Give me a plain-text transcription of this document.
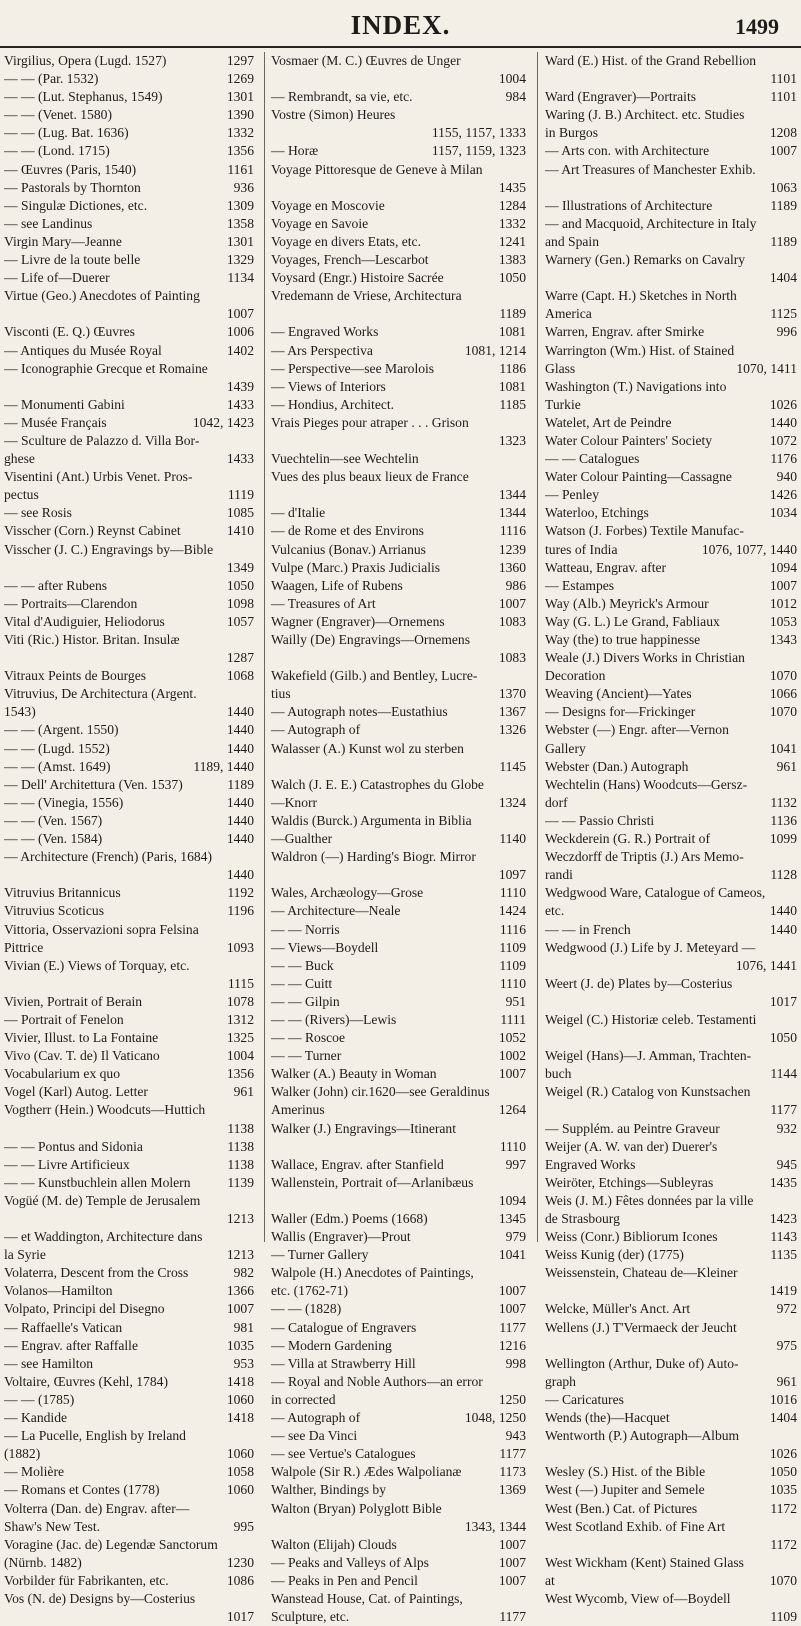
INDEX.	1499
1297
Virgilius, Opera (Lugd. 1527)
1269
— — (Par. 1532)
1301
— — (Lut. Stephanus, 1549)
1390
— — (Venet. 1580)
1332
— — (Lug. Bat. 1636)
1356
— — (Lond. 1715)
1161
— Œuvres (Paris, 1540)
936
— Pastorals by Thornton
1309
— Singulæ Dictiones, etc.
1358
— see Landinus
1301
Virgin Mary—Jeanne
1329
— Livre de la toute belle
1134
— Life of—Duerer
Virtue (Geo.) Anecdotes of Painting
1007
1006
Visconti (E. Q.) Œuvres
1402
— Antiques du Musée Royal
— Iconographie Grecque et Romaine
1439
1433
— Monumenti Gabini
1042, 1423
— Musée Français
— Sculture de Palazzo d. Villa Bor-
1433
ghese
Visentini (Ant.) Urbis Venet. Pros-
1119
pectus
1085
— see Rosis
1410
Visscher (Corn.) Reynst Cabinet
Visscher (J. C.) Engravings by—Bible
1349
1050
— — after Rubens
1098
— Portraits—Clarendon
1057
Vital d'Audiguier, Heliodorus
Viti (Ric.) Histor. Britan. Insulæ
1287
1068
Vitraux Peints de Bourges
Vitruvius, De Architectura (Argent.
1440
1543)
1440
— — (Argent. 1550)
1440
— — (Lugd. 1552)
1189, 1440
— — (Amst. 1649)
1189
— Dell' Architettura (Ven. 1537)
1440
— — (Vinegia, 1556)
1440
— — (Ven. 1567)
1440
— — (Ven. 1584)
— Architecture (French) (Paris, 1684)
1440
1192
Vitruvius Britannicus
1196
Vitruvius Scoticus
Vittoria, Osservazioni sopra Felsina
1093
Pittrice
Vivian (E.) Views of Torquay, etc.
1115
1078
Vivien, Portrait of Berain
1312
— Portrait of Fenelon
1325
Vivier, Illust. to La Fontaine
1004
Vivo (Cav. T. de) Il Vaticano
1356
Vocabularium ex quo
961
Vogel (Karl) Autog. Letter
Vogtherr (Hein.) Woodcuts—Huttich
1138
1138
— — Pontus and Sidonia
1138
— — Livre Artificieux
1139
— — Kunstbuchlein allen Molern
Vogüé (M. de) Temple de Jerusalem
1213
— et Waddington, Architecture dans
1213
la Syrie
982
Volaterra, Descent from the Cross
1366
Volanos—Hamilton
1007
Volpato, Principi del Disegno
981
— Raffaelle's Vatican
1035
— Engrav. after Raffalle
953
— see Hamilton
1418
Voltaire, Œuvres (Kehl, 1784)
1060
— — (1785)
1418
— Kandide
— La Pucelle, English by Ireland
1060
(1882)
1058
— Molière
1060
— Romans et Contes (1778)
Volterra (Dan. de) Engrav. after—
995
Shaw's New Test.
Voragine (Jac. de) Legendæ Sanctorum
1230
(Nürnb. 1482)
1086
Vorbilder für Fabrikanten, etc.
Vos (N. de) Designs by—Costerius
1017
Vosmaer (M. C.) Œuvres de Unger
1004
984
— Rembrandt, sa vie, etc.
Vostre (Simon) Heures
1155, 1157, 1333
1157, 1159, 1323
— Horæ
Voyage Pittoresque de Geneve à Milan
1435
1284
Voyage en Moscovie
1332
Voyage en Savoie
1241
Voyage en divers Etats, etc.
1383
Voyages, French—Lescarbot
1050
Voysard (Engr.) Histoire Sacrée
Vredemann de Vriese, Architectura
1189
1081
— Engraved Works
1081, 1214
— Ars Perspectiva
1186
— Perspective—see Marolois
1081
— Views of Interiors
1185
— Hondius, Architect.
Vrais Pieges pour atraper . . . Grison
1323
Vuechtelin—see Wechtelin
Vues des plus beaux lieux de France
1344
1344
— d'Italie
1116
— de Rome et des Environs
1239
Vulcanius (Bonav.) Arrianus
1360
Vulpe (Marc.) Praxis Judicialis
986
Waagen, Life of Rubens
1007
— Treasures of Art
1083
Wagner (Engraver)—Ornemens
Wailly (De) Engravings—Ornemens
1083
Wakefield (Gilb.) and Bentley, Lucre-
1370
tius
1367
— Autograph notes—Eustathius
1326
— Autograph of
Walasser (A.) Kunst wol zu sterben
1145
Walch (J. E. E.) Catastrophes du Globe
1324
—Knorr
Waldis (Burck.) Argumenta in Biblia
1140
—Gualther
Waldron (—) Harding's Biogr. Mirror
1097
1110
Wales, Archæology—Grose
1424
— Architecture—Neale
1116
— — Norris
1109
— Views—Boydell
1109
— — Buck
1110
— — Cuitt
951
— — Gilpin
1111
— — (Rivers)—Lewis
1052
— — Roscoe
1002
— — Turner
1007
Walker (A.) Beauty in Woman
Walker (John) cir.1620—see Geraldinus
1264
Amerinus
Walker (J.) Engravings—Itinerant
1110
997
Wallace, Engrav. after Stanfield
Wallenstein, Portrait of—Arlanibæus
1094
1345
Waller (Edm.) Poems (1668)
979
Wallis (Engraver)—Prout
1041
— Turner Gallery
Walpole (H.) Anecdotes of Paintings,
1007
etc. (1762-71)
1007
— — (1828)
1177
— Catalogue of Engravers
1216
— Modern Gardening
998
— Villa at Strawberry Hill
— Royal and Noble Authors—an error
1250
in corrected
1048, 1250
— Autograph of
943
— see Da Vinci
1177
— see Vertue's Catalogues
1173
Walpole (Sir R.) Ædes Walpolianæ
1369
Walther, Bindings by
Walton (Bryan) Polyglott Bible
1343, 1344
1007
Walton (Elijah) Clouds
1007
— Peaks and Valleys of Alps
1007
— Peaks in Pen and Pencil
Wanstead House, Cat. of Paintings,
1177
Sculpture, etc.
Ward (E.) Hist. of the Grand Rebellion
1101
1101
Ward (Engraver)—Portraits
Waring (J. B.) Architect. etc. Studies
1208
in Burgos
1007
— Arts con. with Architecture
— Art Treasures of Manchester Exhib.
1063
1189
— Illustrations of Architecture
— and Macquoid, Architecture in Italy
1189
and Spain
Warnery (Gen.) Remarks on Cavalry
1404
Warre (Capt. H.) Sketches in North
1125
America
996
Warren, Engrav. after Smirke
Warrington (Wm.) Hist. of Stained
1070, 1411
Glass
Washington (T.) Navigations into
1026
Turkie
1440
Watelet, Art de Peindre
1072
Water Colour Painters' Society
1176
— — Catalogues
940
Water Colour Painting—Cassagne
1426
— Penley
1034
Waterloo, Etchings
Watson (J. Forbes) Textile Manufac-
1076, 1077, 1440
tures of India
1094
Watteau, Engrav. after
1007
— Estampes
1012
Way (Alb.) Meyrick's Armour
1053
Way (G. L.) Le Grand, Fabliaux
1343
Way (the) to true happinesse
Weale (J.) Divers Works in Christian
1070
Decoration
1066
Weaving (Ancient)—Yates
1070
— Designs for—Frickinger
Webster (—) Engr. after—Vernon
1041
Gallery
961
Webster (Dan.) Autograph
Wechtelin (Hans) Woodcuts—Gersz-
1132
dorf
1136
— — Passio Christi
1099
Weckderein (G. R.) Portrait of
Weczdorff de Triptis (J.) Ars Memo-
1128
randi
Wedgwood Ware, Catalogue of Cameos,
1440
etc.
1440
— — in French
Wedgwood (J.) Life by J. Meteyard —
1076, 1441
Weert (J. de) Plates by—Costerius
1017
Weigel (C.) Historiæ celeb. Testamenti
1050
Weigel (Hans)—J. Amman, Trachten-
1144
buch
Weigel (R.) Catalog von Kunstsachen
1177
932
— Supplém. au Peintre Graveur
Weijer (A. W. van der) Duerer's
945
Engraved Works
1435
Weiröter, Etchings—Subleyras
Weis (J. M.) Fêtes données par la ville
1423
de Strasbourg
1143
Weiss (Conr.) Bibliorum Icones
1135
Weiss Kunig (der) (1775)
Weissenstein, Chateau de—Kleiner
1419
972
Welcke, Müller's Anct. Art
Wellens (J.) T'Vermaeck der Jeucht
975
Wellington (Arthur, Duke of) Auto-
961
graph
1016
— Caricatures
1404
Wends (the)—Hacquet
Wentworth (P.) Autograph—Album
1026
1050
Wesley (S.) Hist. of the Bible
1035
West (—) Jupiter and Semele
1172
West (Ben.) Cat. of Pictures
West Scotland Exhib. of Fine Art
1172
West Wickham (Kent) Stained Glass
1070
at
West Wycomb, View of—Boydell
1109
